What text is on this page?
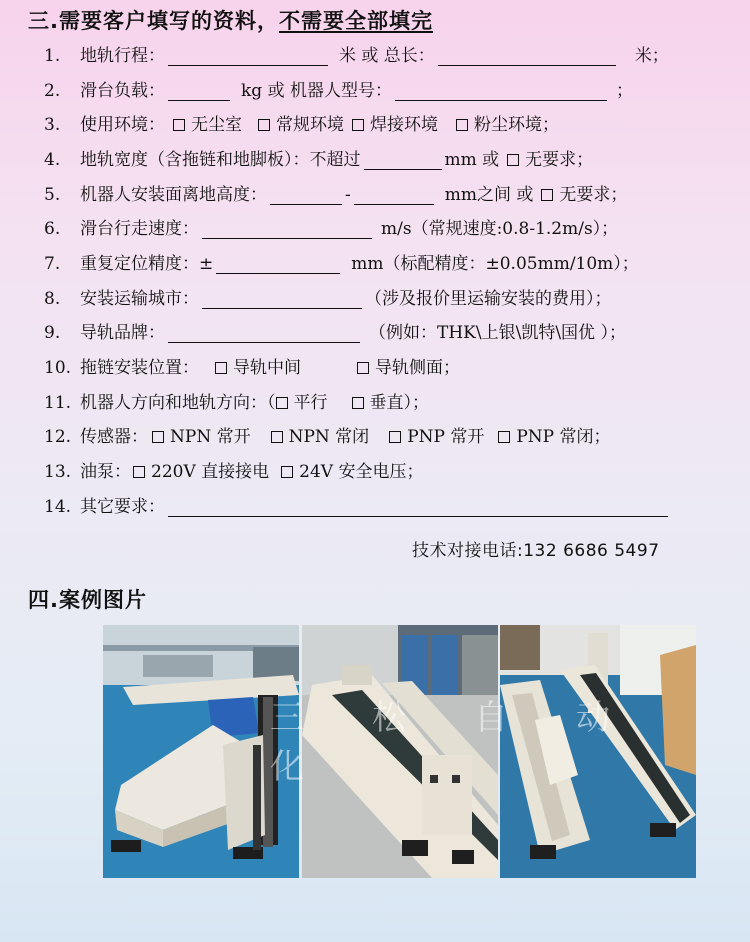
三.需要客户填写的资料，不需要全部填完
1.	地轨行程：	米 或 总长：	米；
2.	滑台负载：	kg 或 机器人型号：	；
3.	使用环境： 无尘室 常规环境 焊接环境 粉尘环境；
4.	地轨宽度（含拖链和地脚板）：不超过	mm 或 无要求；
5.	机器人安装面离地高度：	-	mm之间 或 无要求；
6.	滑台行走速度：	m/s（常规速度:0.8-1.2m/s）；
7.	重复定位精度：±	mm（标配精度：±0.05mm/10m）；
8.	安装运输城市：	（涉及报价里运输安装的费用）；
9.	导轨品牌：	（例如：THK\上银\凯特\国优 ）；
10. 拖链安装位置： 导轨中间	导轨侧面；
11. 机器人方向和地轨方向：（ 平行 垂直）；
12. 传感器： NPN 常开 NPN 常闭 PNP 常开 PNP 常闭；
13. 油泵： 220V 直接接电 24V 安全电压；
14. 其它要求：
技术对接电话:132 6686 5497
四.案例图片
三松自动化
